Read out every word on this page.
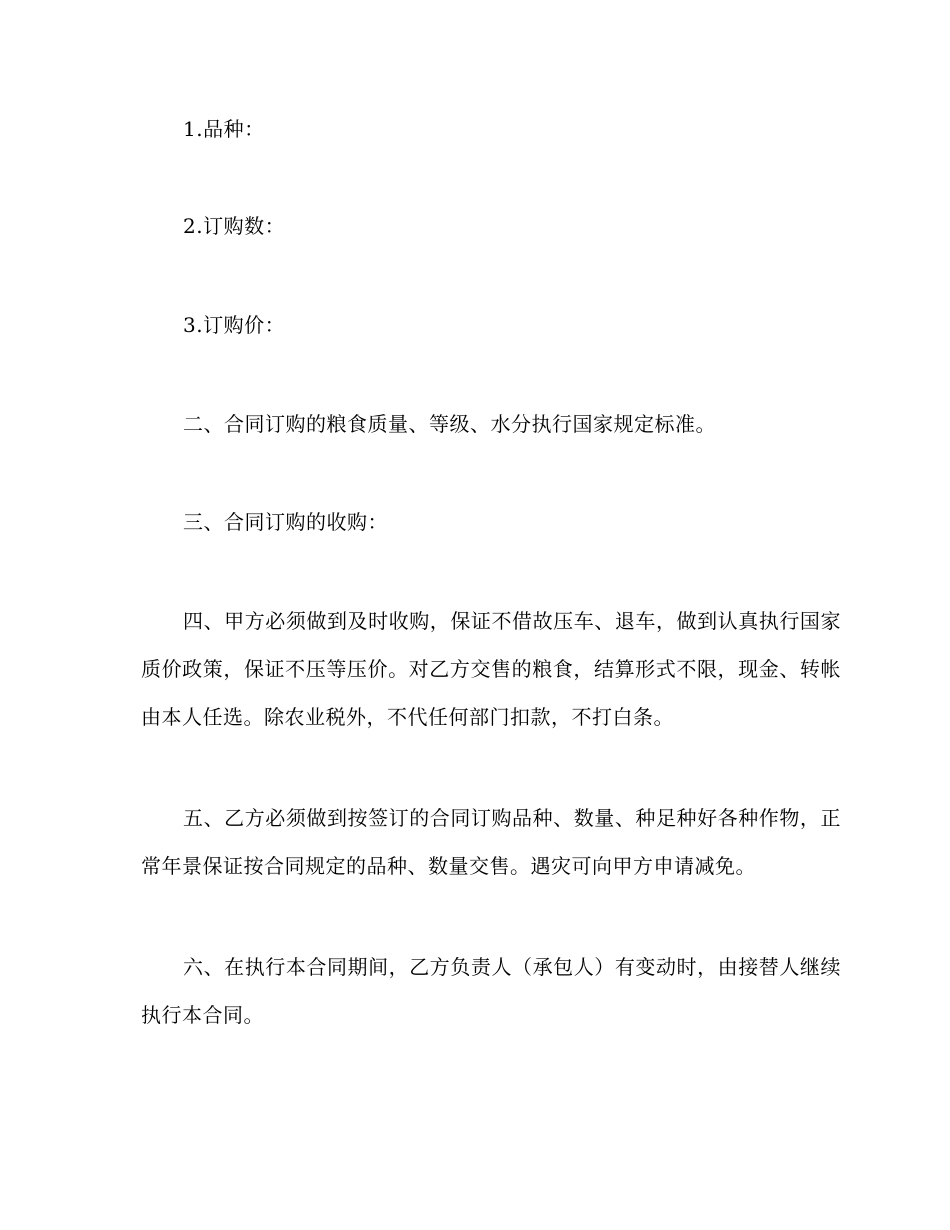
1.品种：

2.订购数：

3.订购价：

二、合同订购的粮食质量、等级、水分执行国家规定标准。

三、合同订购的收购：

四、甲方必须做到及时收购，保证不借故压车、退车，做到认真执行国家质价政策，保证不压等压价。对乙方交售的粮食，结算形式不限，现金、转帐由本人任选。除农业税外，不代任何部门扣款，不打白条。

五、乙方必须做到按签订的合同订购品种、数量、种足种好各种作物，正常年景保证按合同规定的品种、数量交售。遇灾可向甲方申请减免。

六、在执行本合同期间，乙方负责人（承包人）有变动时，由接替人继续执行本合同。
